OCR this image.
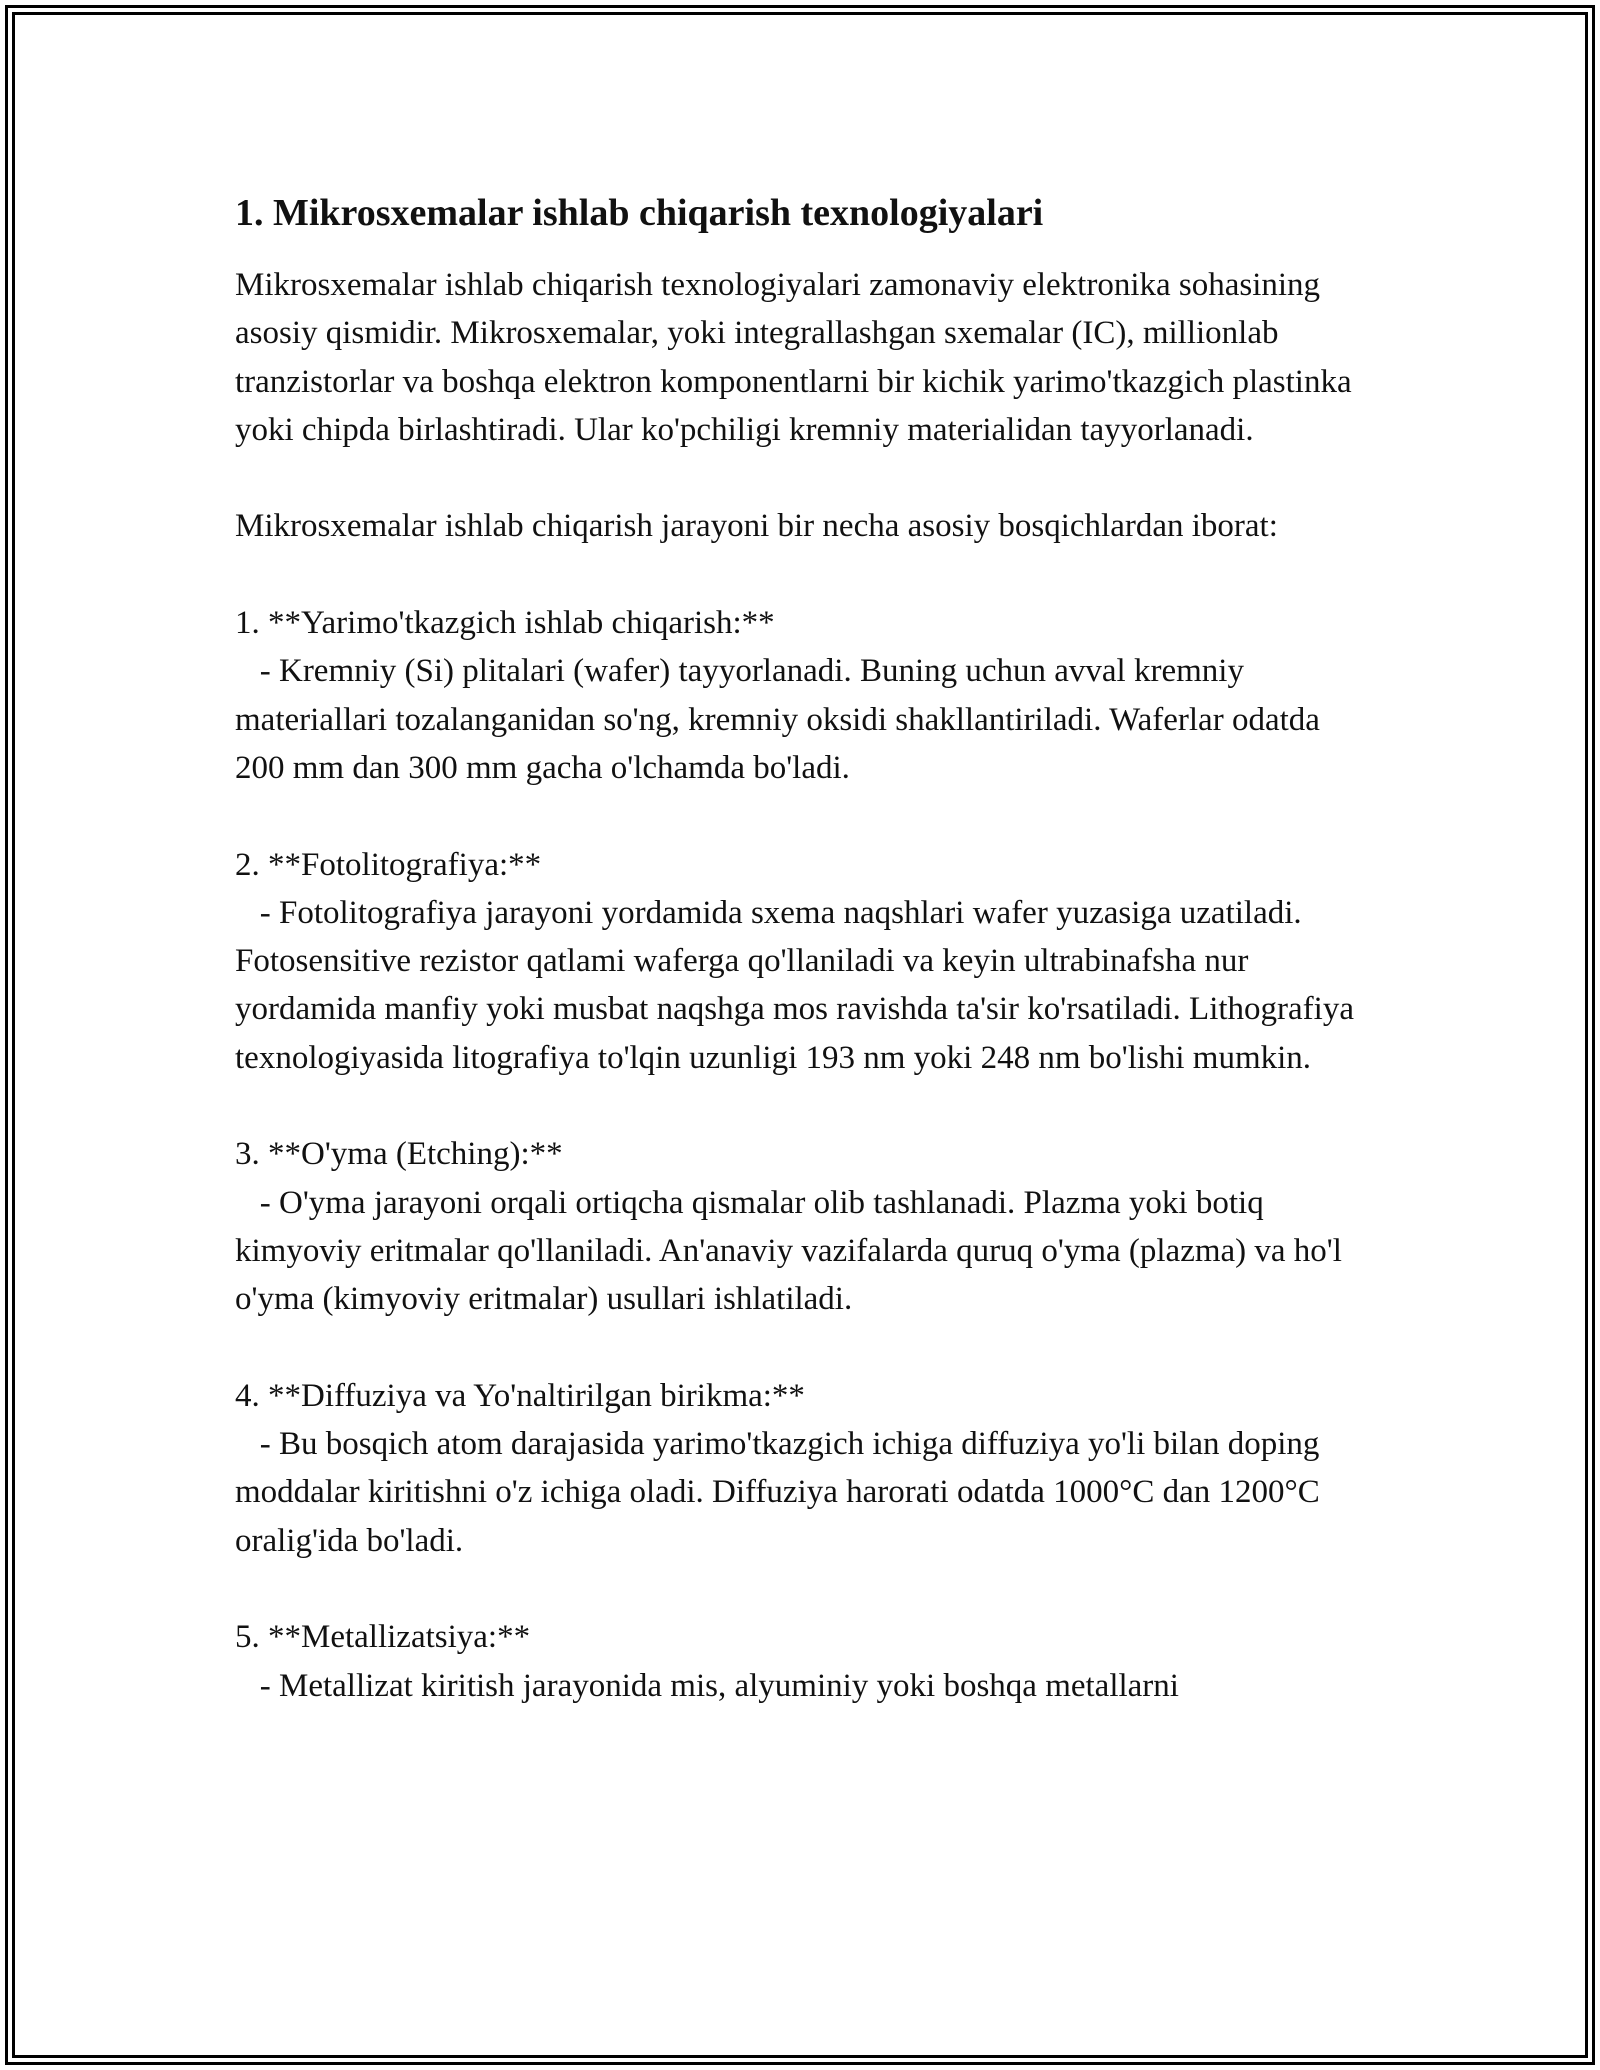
1. Mikrosxemalar ishlab chiqarish texnologiyalari

Mikrosxemalar ishlab chiqarish texnologiyalari zamonaviy elektronika sohasining asosiy qismidir. Mikrosxemalar, yoki integrallashgan sxemalar (IC), millionlab tranzistorlar va boshqa elektron komponentlarni bir kichik yarimo'tkazgich plastinka yoki chipda birlashtiradi. Ular ko'pchiligi kremniy materialidan tayyorlanadi.

Mikrosxemalar ishlab chiqarish jarayoni bir necha asosiy bosqichlardan iborat:

1. **Yarimo'tkazgich ishlab chiqarish:**

- Kremniy (Si) plitalari (wafer) tayyorlanadi. Buning uchun avval kremniy materiallari tozalanganidan so'ng, kremniy oksidi shakllantiriladi. Waferlar odatda 200 mm dan 300 mm gacha o'lchamda bo'ladi.

2. **Fotolitografiya:**

- Fotolitografiya jarayoni yordamida sxema naqshlari wafer yuzasiga uzatiladi. Fotosensitive rezistor qatlami waferga qo'llaniladi va keyin ultrabinafsha nur yordamida manfiy yoki musbat naqshga mos ravishda ta'sir ko'rsatiladi. Lithografiya texnologiyasida litografiya to'lqin uzunligi 193 nm yoki 248 nm bo'lishi mumkin.

3. **O'yma (Etching):**

- O'yma jarayoni orqali ortiqcha qismalar olib tashlanadi. Plazma yoki botiq kimyoviy eritmalar qo'llaniladi. An'anaviy vazifalarda quruq o'yma (plazma) va ho'l o'yma (kimyoviy eritmalar) usullari ishlatiladi.

4. **Diffuziya va Yo'naltirilgan birikma:**

- Bu bosqich atom darajasida yarimo'tkazgich ichiga diffuziya yo'li bilan doping moddalar kiritishni o'z ichiga oladi. Diffuziya harorati odatda 1000°C dan 1200°C oralig'ida bo'ladi.

5. **Metallizatsiya:**

- Metallizat kiritish jarayonida mis, alyuminiy yoki boshqa metallarni
